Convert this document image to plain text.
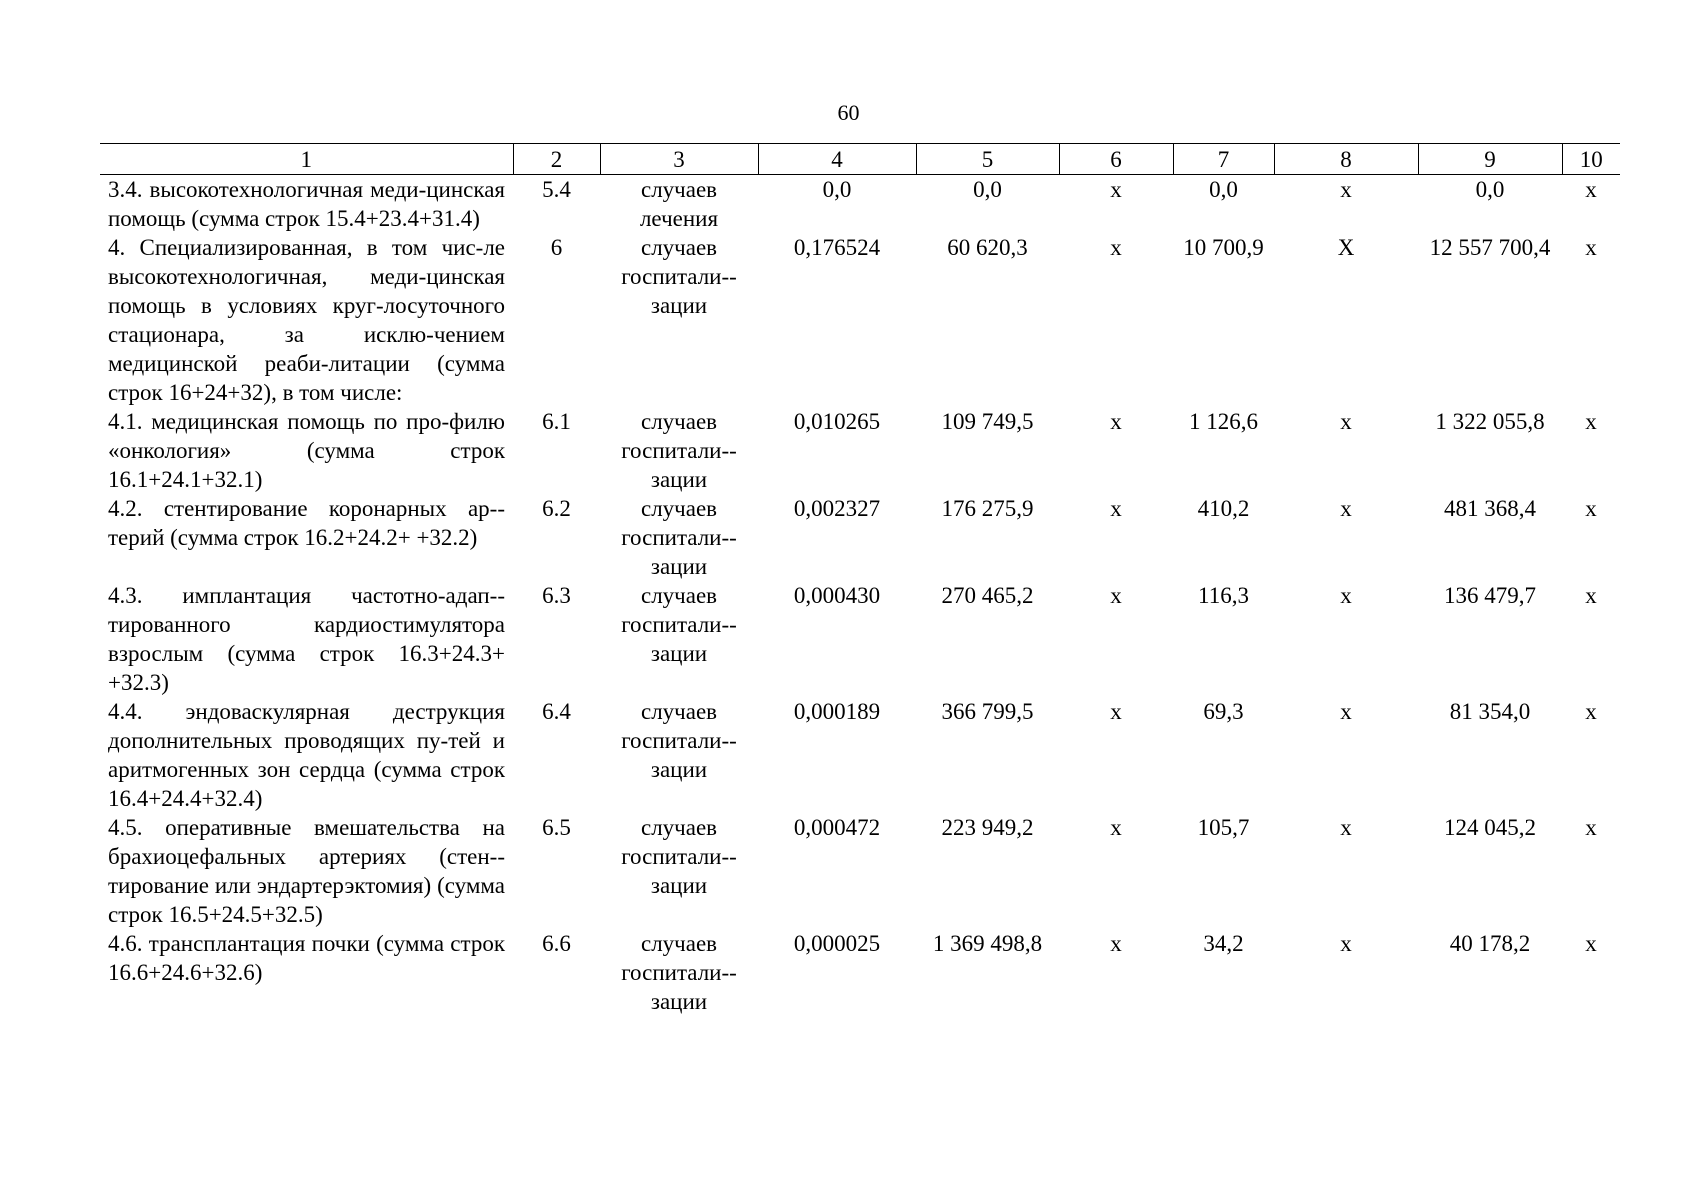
60
1	2	3	4	5	6	7	8	9	10
3.4. высокотехнологичная меди-цинская помощь (сумма строк 15.4+23.4+31.4)	5.4	случаев лечения	0,0	0,0	х	0,0	х	0,0	х
4. Специализированная, в том чис-ле высокотехнологичная, меди-цинская помощь в условиях круг-лосуточного стационара, за исклю-чением медицинской реаби-литации (сумма строк 16+24+32), в том числе:	6	случаев госпитали-зации	0,176524	60 620,3	х	10 700,9	Х	12 557 700,4	х
4.1. медицинская помощь по про-филю «онкология» (сумма строк 16.1+24.1+32.1)	6.1	случаев госпитали-зации	0,010265	109 749,5	х	1 126,6	х	1 322 055,8	х
4.2. стентирование коронарных ар-терий (сумма строк 16.2+24.2+ +32.2)	6.2	случаев госпитали-зации	0,002327	176 275,9	х	410,2	х	481 368,4	х
4.3. имплантация частотно-адап-тированного кардиостимулятора взрослым (сумма строк 16.3+24.3+ +32.3)	6.3	случаев госпитали-зации	0,000430	270 465,2	х	116,3	х	136 479,7	х
4.4. эндоваскулярная деструкция дополнительных проводящих пу-тей и аритмогенных зон сердца (сумма строк 16.4+24.4+32.4)	6.4	случаев госпитали-зации	0,000189	366 799,5	х	69,3	х	81 354,0	х
4.5. оперативные вмешательства на брахиоцефальных артериях (стен-тирование или эндартерэктомия) (сумма строк 16.5+24.5+32.5)	6.5	случаев госпитали-зации	0,000472	223 949,2	х	105,7	х	124 045,2	х
4.6. трансплантация почки (сумма строк 16.6+24.6+32.6)	6.6	случаев госпитали-зации	0,000025	1 369 498,8	х	34,2	х	40 178,2	х
